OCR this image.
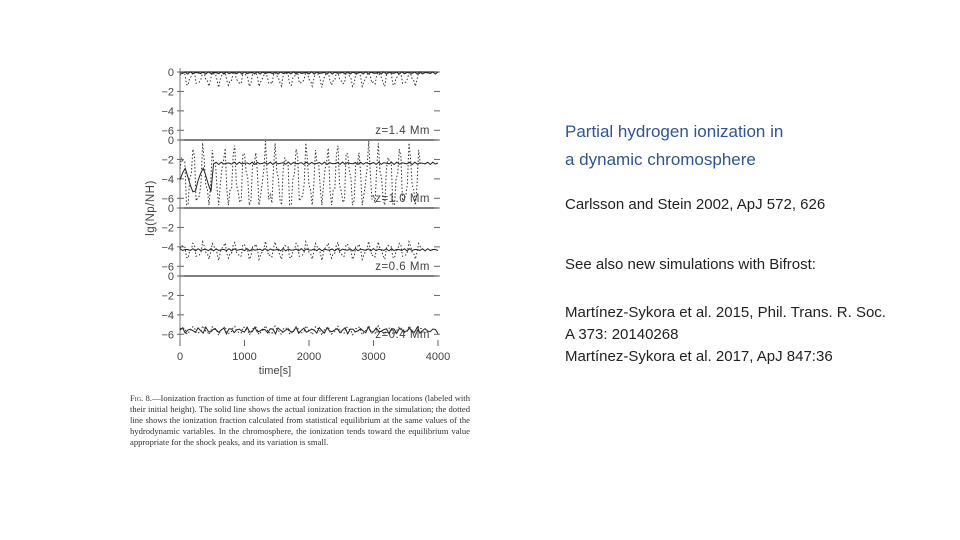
0
−2
−4
−6	z=1.4 Mm
0
−2
−4
−6	z=1.0 Mm
0
−2
−4
−6	z=0.6 Mm
0
−2
−4
−6	z=0.4 Mm
0	1000	2000	3000	4000
lg(Np/NH)
time[s]
Fig. 8.—Ionization fraction as function of time at four different Lagrangian locations (labeled with their initial height). The solid line shows the actual ionization fraction in the simulation; the dotted line shows the ionization fraction calculated from statistical equilibrium at the same values of the hydrodynamic variables. In the chromosphere, the ionization tends toward the equilibrium value appropriate for the shock peaks, and its variation is small.
Partial hydrogen ionization in
a dynamic chromosphere
Carlsson and Stein 2002, ApJ 572, 626
See also new simulations with Bifrost:
Martínez-Sykora et al. 2015, Phil. Trans. R. Soc.
A 373: 20140268
Martínez-Sykora et al. 2017, ApJ 847:36
